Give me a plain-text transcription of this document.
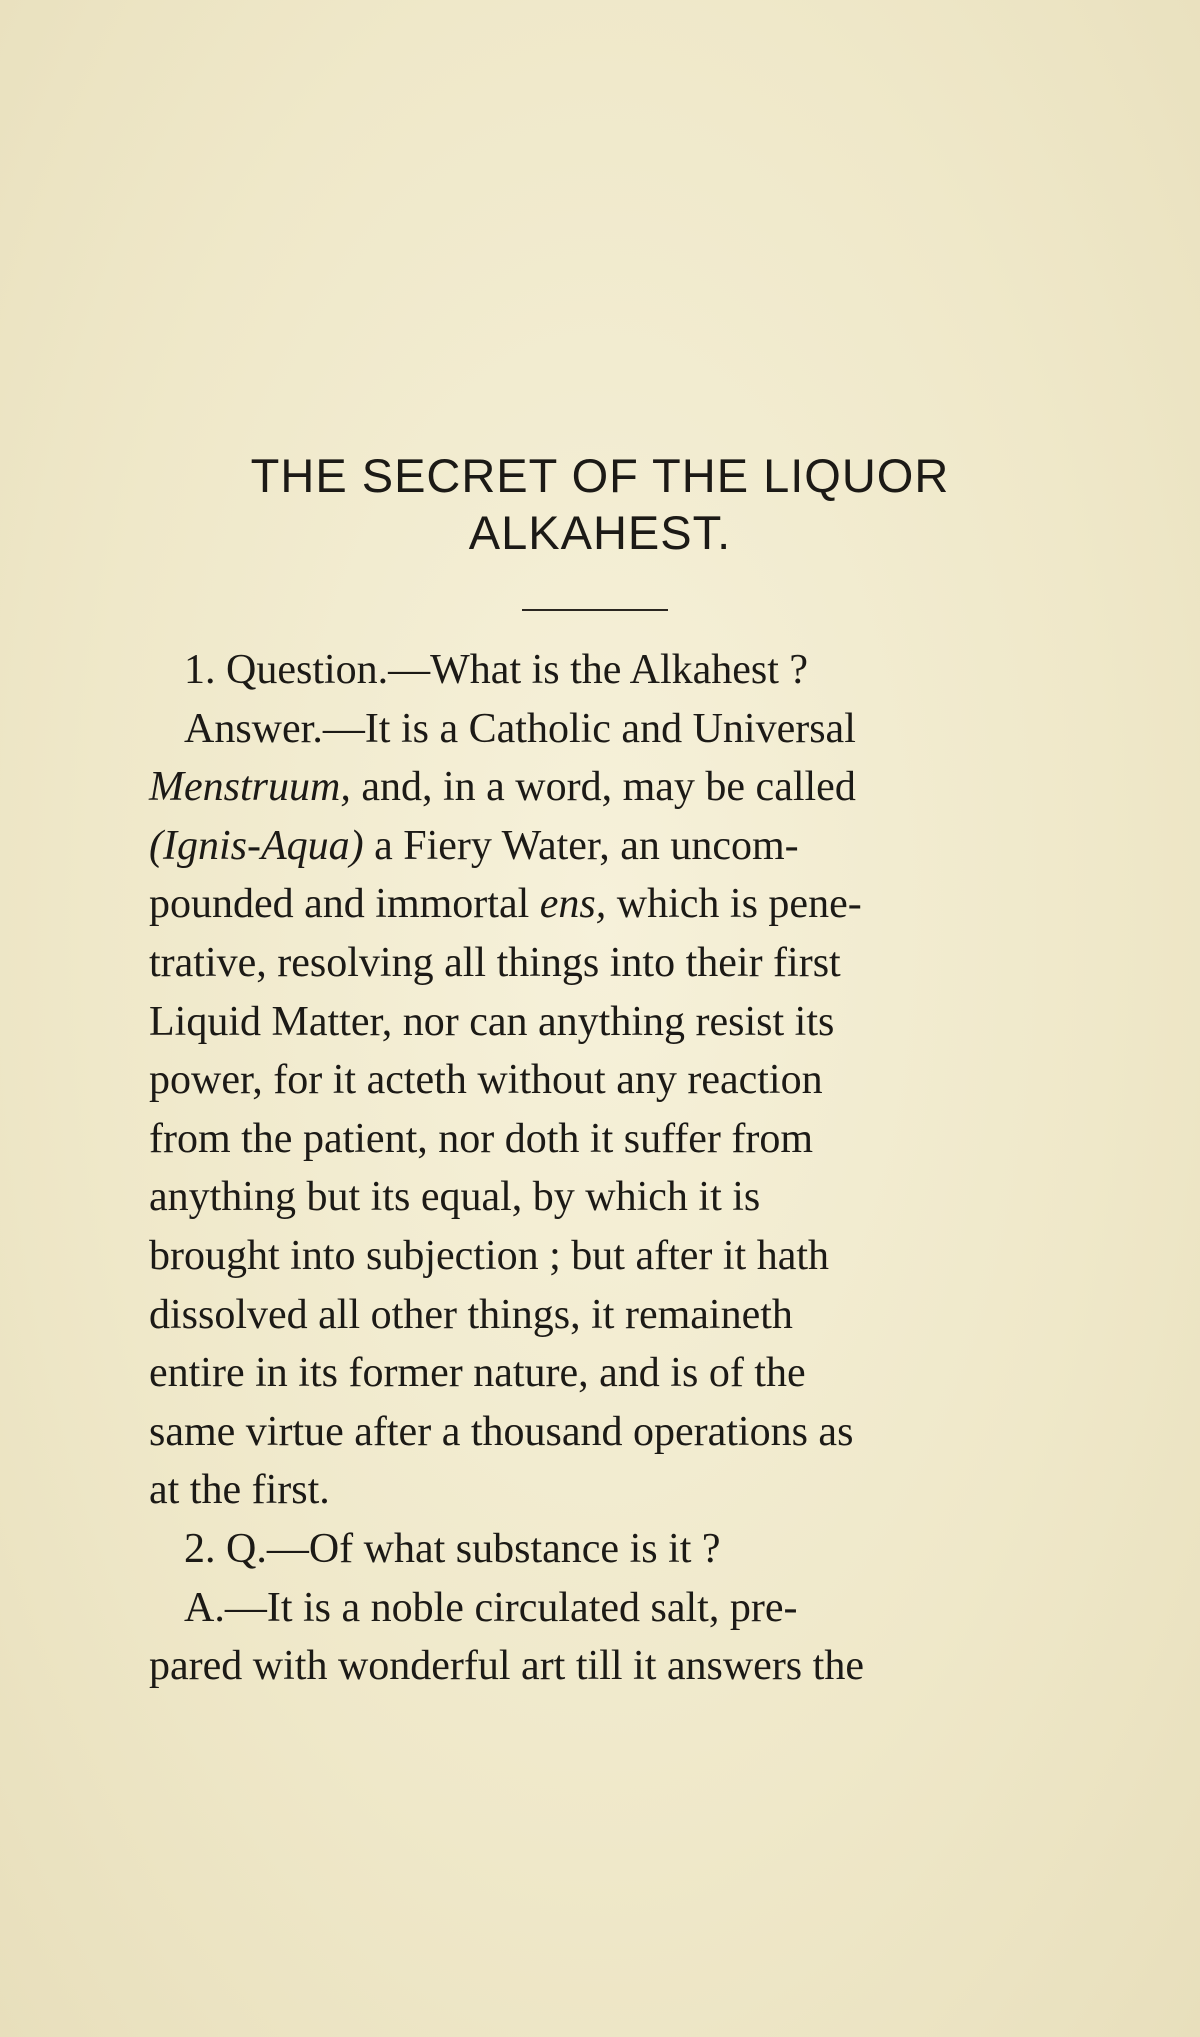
THE SECRET OF THE LIQUOR
ALKAHEST.
1. Question.—What is the Alkahest ?
Answer.—It is a Catholic and Universal
Menstruum, and, in a word, may be called
(Ignis-Aqua) a Fiery Water, an uncom-
pounded and immortal ens, which is pene-
trative, resolving all things into their first
Liquid Matter, nor can anything resist its
power, for it acteth without any reaction
from the patient, nor doth it suffer from
anything but its equal, by which it is
brought into subjection ; but after it hath
dissolved all other things, it remaineth
entire in its former nature, and is of the
same virtue after a thousand operations as
at the first.
2. Q.—Of what substance is it ?
A.—It is a noble circulated salt, pre-
pared with wonderful art till it answers the
